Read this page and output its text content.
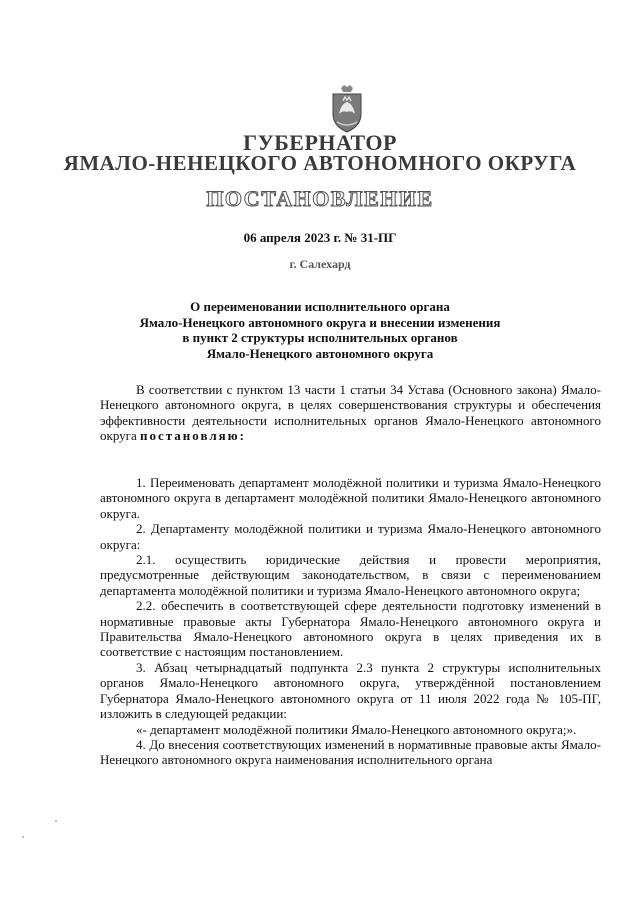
ГУБЕРНАТОР
ЯМАЛО-НЕНЕЦКОГО АВТОНОМНОГО ОКРУГА
ПОСТАНОВЛЕНИЕ
06 апреля 2023 г. № 31-ПГ
г. Салехард
О переименовании исполнительного органа
Ямало-Ненецкого автономного округа и внесении изменения
в пункт 2 структуры исполнительных органов
Ямало-Ненецкого автономного округа

В соответствии с пунктом 13 части 1 статьи 34 Устава (Основного закона) Ямало-Ненецкого автономного округа, в целях совершенствования структуры и обеспечения эффективности деятельности исполнительных органов Ямало-Ненецкого автономного округа постановляю:

1. Переименовать департамент молодёжной политики и туризма Ямало-Ненецкого автономного округа в департамент молодёжной политики Ямало-Ненецкого автономного округа.

2. Департаменту молодёжной политики и туризма Ямало-Ненецкого автономного округа:

2.1. осуществить юридические действия и провести мероприятия, предусмотренные действующим законодательством, в связи с переименованием департамента молодёжной политики и туризма Ямало-Ненецкого автономного округа;

2.2. обеспечить в соответствующей сфере деятельности подготовку изменений в нормативные правовые акты Губернатора Ямало-Ненецкого автономного округа и Правительства Ямало-Ненецкого автономного округа в целях приведения их в соответствие с настоящим постановлением.

3. Абзац четырнадцатый подпункта 2.3 пункта 2 структуры исполнительных органов Ямало-Ненецкого автономного округа, утверждённой постановлением Губернатора Ямало-Ненецкого автономного округа от 11 июля 2022 года № 105-ПГ, изложить в следующей редакции:

«- департамент молодёжной политики Ямало-Ненецкого автономного округа;».

4. До внесения соответствующих изменений в нормативные правовые акты Ямало-Ненецкого автономного округа наименования исполнительного органа
